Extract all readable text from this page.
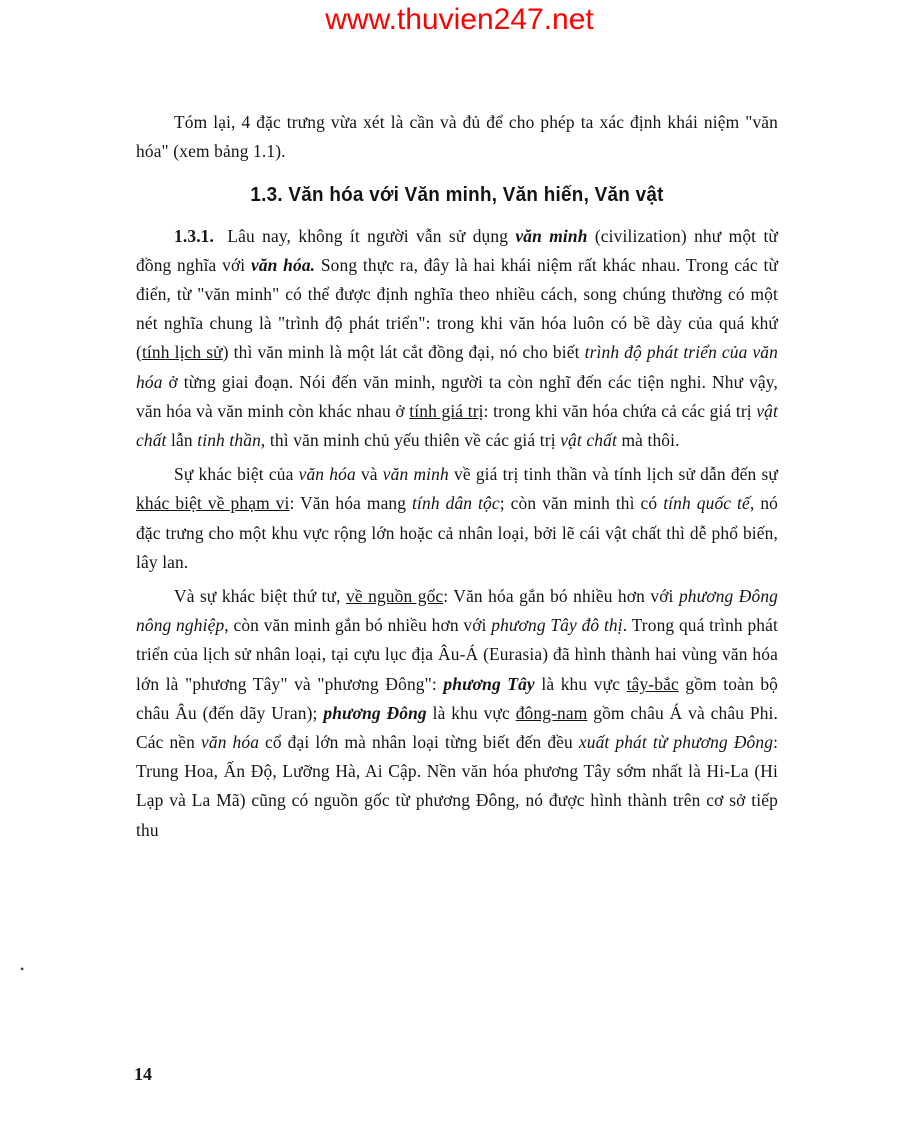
www.thuvien247.net

Tóm lại, 4 đặc trưng vừa xét là cần và đủ để cho phép ta xác định khái niệm "văn hóa" (xem bảng 1.1).

1.3. Văn hóa với Văn minh, Văn hiến, Văn vật

1.3.1. Lâu nay, không ít người vẫn sử dụng văn minh (civilization) như một từ đồng nghĩa với văn hóa. Song thực ra, đây là hai khái niệm rất khác nhau. Trong các từ điển, từ "văn minh" có thể được định nghĩa theo nhiều cách, song chúng thường có một nét nghĩa chung là "trình độ phát triển": trong khi văn hóa luôn có bề dày của quá khứ (tính lịch sử) thì văn minh là một lát cắt đồng đại, nó cho biết trình độ phát triển của văn hóa ở từng giai đoạn. Nói đến văn minh, người ta còn nghĩ đến các tiện nghi. Như vậy, văn hóa và văn minh còn khác nhau ở tính giá trị: trong khi văn hóa chứa cả các giá trị vật chất lẫn tinh thần, thì văn minh chủ yếu thiên về các giá trị vật chất mà thôi.

Sự khác biệt của văn hóa và văn minh về giá trị tinh thần và tính lịch sử dẫn đến sự khác biệt về phạm vi: Văn hóa mang tính dân tộc; còn văn minh thì có tính quốc tế, nó đặc trưng cho một khu vực rộng lớn hoặc cả nhân loại, bởi lẽ cái vật chất thì dễ phổ biến, lây lan.

Và sự khác biệt thứ tư, về nguồn gốc: Văn hóa gắn bó nhiều hơn với phương Đông nông nghiệp, còn văn minh gắn bó nhiều hơn với phương Tây đô thị. Trong quá trình phát triển của lịch sử nhân loại, tại cựu lục địa Âu-Á (Eurasia) đã hình thành hai vùng văn hóa lớn là "phương Tây" và "phương Đông": phương Tây là khu vực tây-bắc gồm toàn bộ châu Âu (đến dãy Uran); phương Đông là khu vực đông-nam gồm châu Á và châu Phi. Các nền văn hóa cổ đại lớn mà nhân loại từng biết đến đều xuất phát từ phương Đông: Trung Hoa, Ấn Độ, Lưỡng Hà, Ai Cập. Nền văn hóa phương Tây sớm nhất là Hi-La (Hi Lạp và La Mã) cũng có nguồn gốc từ phương Đông, nó được hình thành trên cơ sở tiếp thu

•
14
